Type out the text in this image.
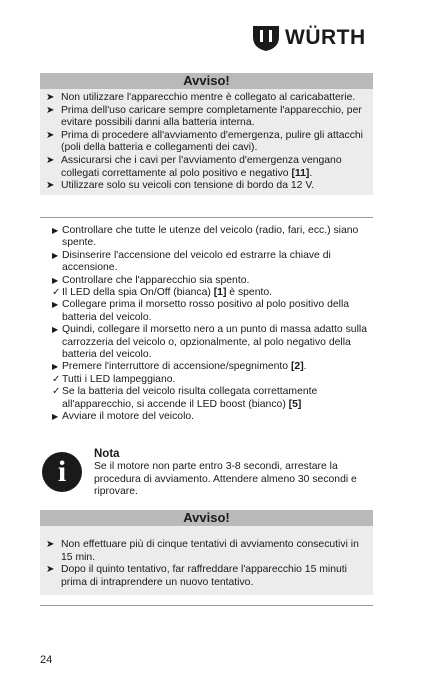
WÜRTH
Avviso!
➤ Non utilizzare l'apparecchio mentre è collegato al caricabatterie.
➤ Prima dell'uso caricare sempre completamente l'apparecchio, per evitare possibili danni alla batteria interna.
➤ Prima di procedere all'avviamento d'emergenza, pulire gli attacchi (poli della batteria e collegamenti dei cavi).
➤ Assicurarsi che i cavi per l'avviamento d'emergenza vengano collegati correttamente al polo positivo e negativo [11].
➤ Utilizzare solo su veicoli con tensione di bordo da 12 V.
▶ Controllare che tutte le utenze del veicolo (radio, fari, ecc.) siano spente.
▶ Disinserire l'accensione del veicolo ed estrarre la chiave di accensione.
▶ Controllare che l'apparecchio sia spento.
✓ Il LED della spia On/Off (bianca) [1] è spento.
▶ Collegare prima il morsetto rosso positivo al polo positivo della batteria del veicolo.
▶ Quindi, collegare il morsetto nero a un punto di massa adatto sulla carrozzeria del veicolo o, opzionalmente, al polo negativo della batteria del veicolo.
▶ Premere l'interruttore di accensione/spegnimento [2].
✓ Tutti i LED lampeggiano.
✓ Se la batteria del veicolo risulta collegata correttamente all'apparecchio, si accende il LED boost (bianco) [5]
▶ Avviare il motore del veicolo.
i
Nota
Se il motore non parte entro 3-8 secondi, arrestare la procedura di avviamento. Attendere almeno 30 secondi e riprovare.
Avviso!
➤ Non effettuare più di cinque tentativi di avviamento consecutivi in 15 min.
➤ Dopo il quinto tentativo, far raffreddare l'apparecchio 15 minuti prima di intraprendere un nuovo tentativo.
24
